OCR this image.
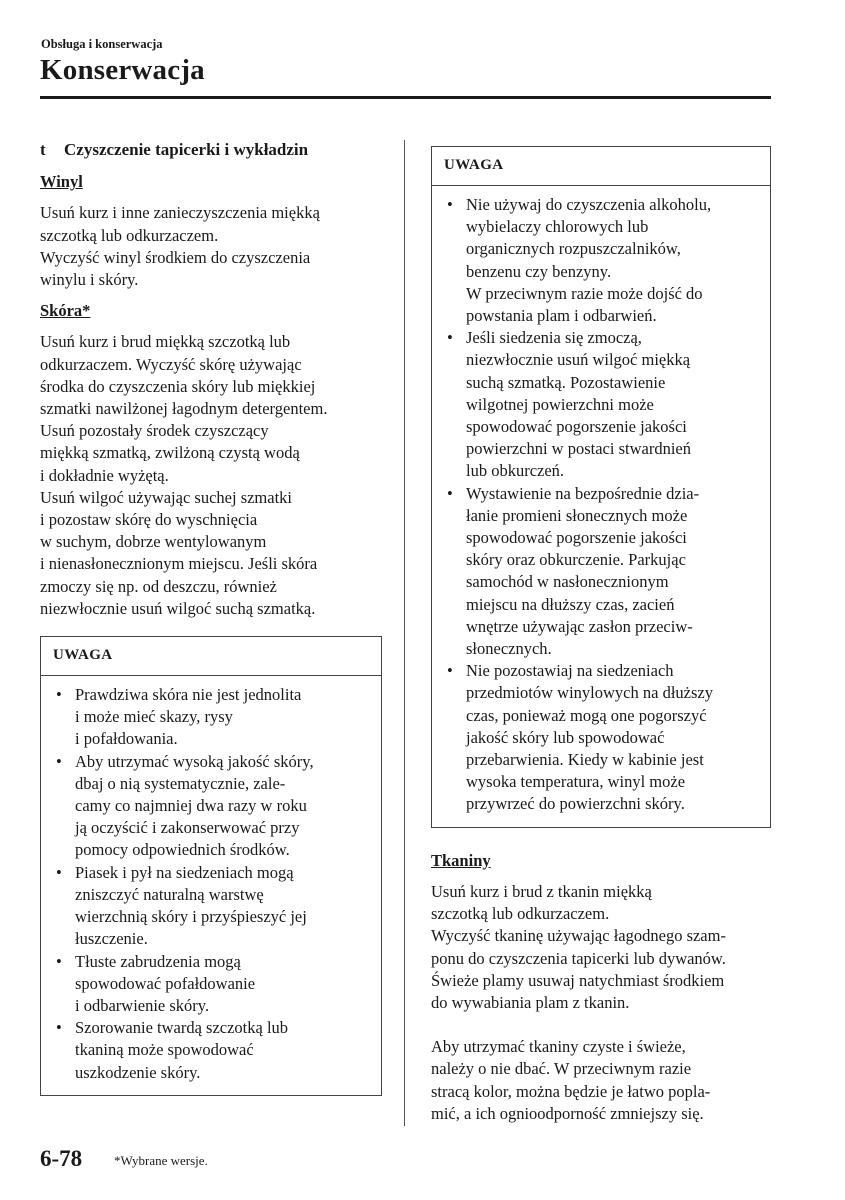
Obsługa i konserwacja
Konserwacja
t	Czyszczenie tapicerki i wykładzin
Winyl
Usuń kurz i inne zanieczyszczenia miękką
szczotką lub odkurzaczem.
Wyczyść winyl środkiem do czyszczenia
winylu i skóry.
Skóra*
Usuń kurz i brud miękką szczotką lub
odkurzaczem. Wyczyść skórę używając
środka do czyszczenia skóry lub miękkiej
szmatki nawilżonej łagodnym detergentem.
Usuń pozostały środek czyszczący
miękką szmatką, zwilżoną czystą wodą
i dokładnie wyżętą.
Usuń wilgoć używając suchej szmatki
i pozostaw skórę do wyschnięcia
w suchym, dobrze wentylowanym
i nienasłonecznionym miejscu. Jeśli skóra
zmoczy się np. od deszczu, również
niezwłocznie usuń wilgoć suchą szmatką.
UWAGA
• Prawdziwa skóra nie jest jednolita
i może mieć skazy, rysy
i pofałdowania.
• Aby utrzymać wysoką jakość skóry,
dbaj o nią systematycznie, zale-
camy co najmniej dwa razy w roku
ją oczyścić i zakonserwować przy
pomocy odpowiednich środków.
• Piasek i pył na siedzeniach mogą
zniszczyć naturalną warstwę
wierzchnią skóry i przyśpieszyć jej
łuszczenie.
• Tłuste zabrudzenia mogą
spowodować pofałdowanie
i odbarwienie skóry.
• Szorowanie twardą szczotką lub
tkaniną może spowodować
uszkodzenie skóry.
UWAGA
• Nie używaj do czyszczenia alkoholu,
wybielaczy chlorowych lub
organicznych rozpuszczalników,
benzenu czy benzyny.
W przeciwnym razie może dojść do
powstania plam i odbarwień.
• Jeśli siedzenia się zmoczą,
niezwłocznie usuń wilgoć miękką
suchą szmatką. Pozostawienie
wilgotnej powierzchni może
spowodować pogorszenie jakości
powierzchni w postaci stwardnień
lub obkurczeń.
• Wystawienie na bezpośrednie dzia-
łanie promieni słonecznych może
spowodować pogorszenie jakości
skóry oraz obkurczenie. Parkując
samochód w nasłonecznionym
miejscu na dłuższy czas, zacień
wnętrze używając zasłon przeciw-
słonecznych.
• Nie pozostawiaj na siedzeniach
przedmiotów winylowych na dłuższy
czas, ponieważ mogą one pogorszyć
jakość skóry lub spowodować
przebarwienia. Kiedy w kabinie jest
wysoka temperatura, winyl może
przywrzeć do powierzchni skóry.
Tkaniny
Usuń kurz i brud z tkanin miękką
szczotką lub odkurzaczem.
Wyczyść tkaninę używając łagodnego szam-
ponu do czyszczenia tapicerki lub dywanów.
Świeże plamy usuwaj natychmiast środkiem
do wywabiania plam z tkanin.
Aby utrzymać tkaniny czyste i świeże,
należy o nie dbać. W przeciwnym razie
stracą kolor, można będzie je łatwo popla-
mić, a ich ognioodporność zmniejszy się.
6-78 *Wybrane wersje.
